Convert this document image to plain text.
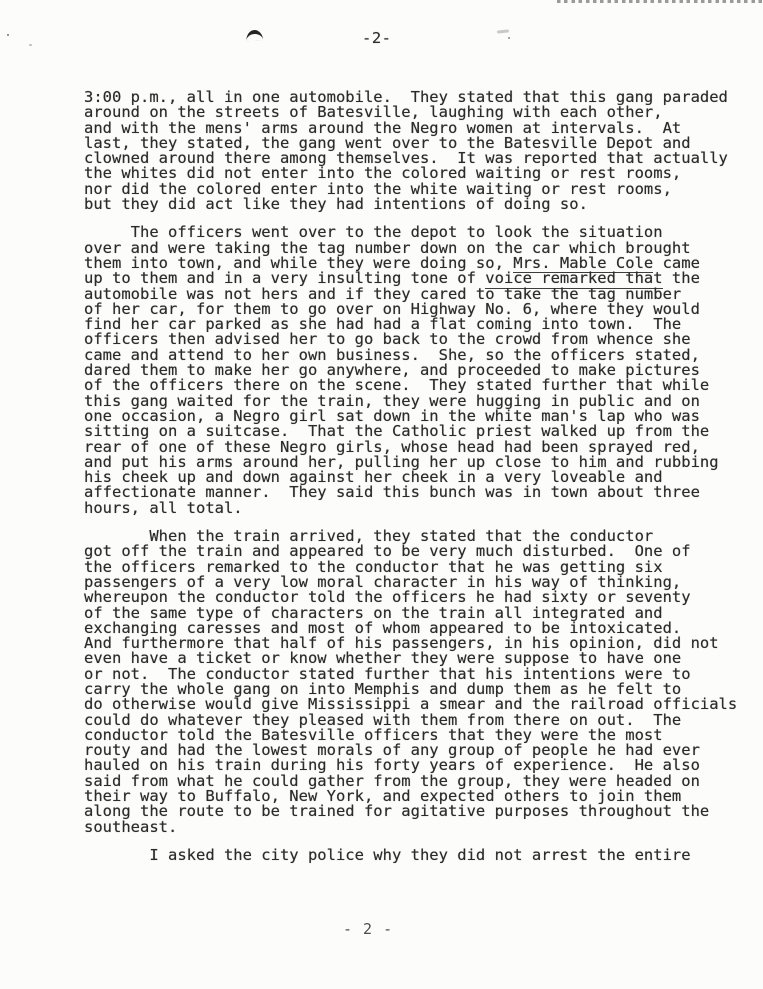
-2-
3:00 p.m., all in one automobile.  They stated that this gang paraded
around on the streets of Batesville, laughing with each other,
and with the mens' arms around the Negro women at intervals.  At
last, they stated, the gang went over to the Batesville Depot and
clowned around there among themselves.  It was reported that actually
the whites did not enter into the colored waiting or rest rooms,
nor did the colored enter into the white waiting or rest rooms,
but they did act like they had intentions of doing so.
The officers went over to the depot to look the situation
over and were taking the tag number down on the car which brought
them into town, and while they were doing so, Mrs. Mable Cole came
up to them and in a very insulting tone of voice remarked that the
automobile was not hers and if they cared to take the tag number
of her car, for them to go over on Highway No. 6, where they would
find her car parked as she had had a flat coming into town.  The
officers then advised her to go back to the crowd from whence she
came and attend to her own business.  She, so the officers stated,
dared them to make her go anywhere, and proceeded to make pictures
of the officers there on the scene.  They stated further that while
this gang waited for the train, they were hugging in public and on
one occasion, a Negro girl sat down in the white man's lap who was
sitting on a suitcase.  That the Catholic priest walked up from the
rear of one of these Negro girls, whose head had been sprayed red,
and put his arms around her, pulling her up close to him and rubbing
his cheek up and down against her cheek in a very loveable and
affectionate manner.  They said this bunch was in town about three
hours, all total.
When the train arrived, they stated that the conductor
got off the train and appeared to be very much disturbed.  One of
the officers remarked to the conductor that he was getting six
passengers of a very low moral character in his way of thinking,
whereupon the conductor told the officers he had sixty or seventy
of the same type of characters on the train all integrated and
exchanging caresses and most of whom appeared to be intoxicated.
And furthermore that half of his passengers, in his opinion, did not
even have a ticket or know whether they were suppose to have one
or not.  The conductor stated further that his intentions were to
carry the whole gang on into Memphis and dump them as he felt to
do otherwise would give Mississippi a smear and the railroad officials
could do whatever they pleased with them from there on out.  The
conductor told the Batesville officers that they were the most
routy and had the lowest morals of any group of people he had ever
hauled on his train during his forty years of experience.  He also
said from what he could gather from the group, they were headed on
their way to Buffalo, New York, and expected others to join them
along the route to be trained for agitative purposes throughout the
southeast.
I asked the city police why they did not arrest the entire
- 2 -
